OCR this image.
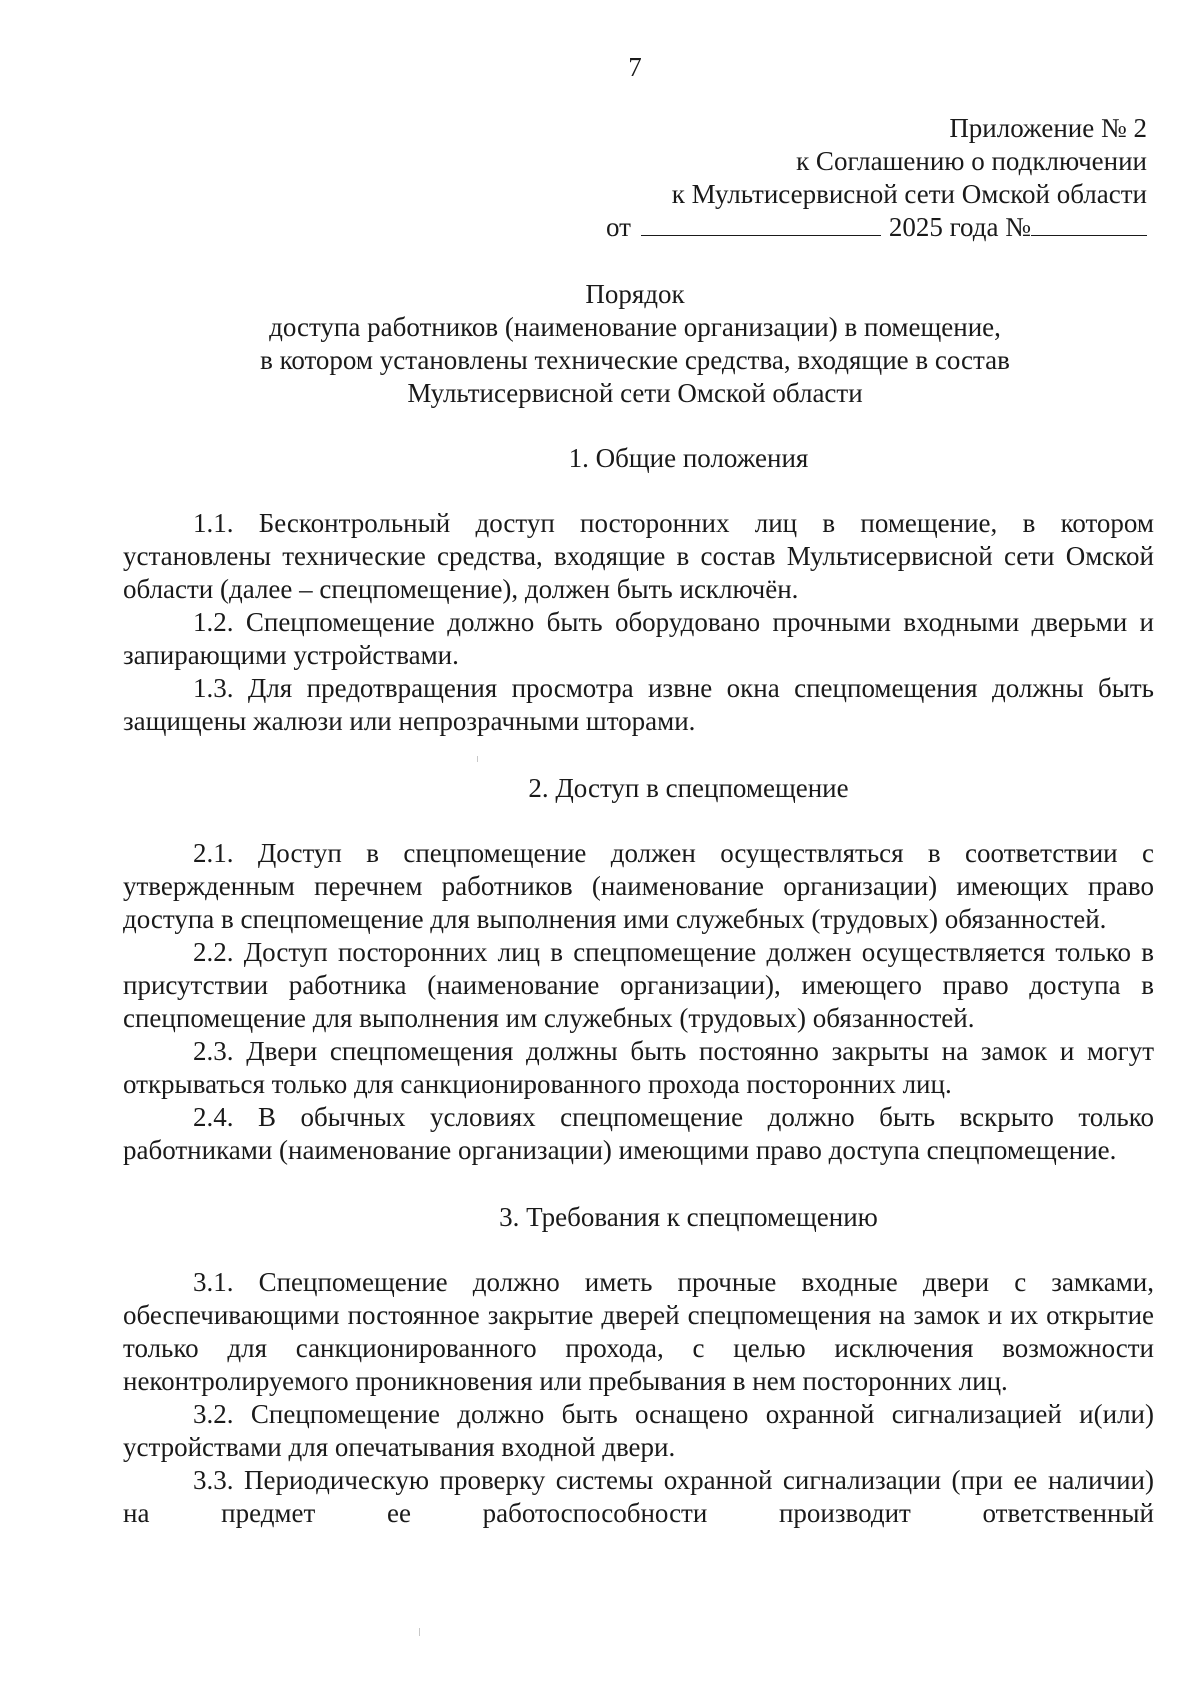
7
Приложение № 2
к Соглашению о подключении
к Мультисервисной сети Омской области
от	2025 года №
Порядок
доступа работников (наименование организации) в помещение,
в котором установлены технические средства, входящие в состав
Мультисервисной сети Омской области
1. Общие положения

1.1. Бесконтрольный доступ посторонних лиц в помещение, в котором установлены технические средства, входящие в состав Мультисервисной сети Омской области (далее – спецпомещение), должен быть исключён.

1.2. Спецпомещение должно быть оборудовано прочными входными дверьми и запирающими устройствами.

1.3. Для предотвращения просмотра извне окна спецпомещения должны быть защищены жалюзи или непрозрачными шторами.

2. Доступ в спецпомещение

2.1. Доступ в спецпомещение должен осуществляться в соответствии с утвержденным перечнем работников (наименование организации) имеющих право доступа в спецпомещение для выполнения ими служебных (трудовых) обязанностей.

2.2. Доступ посторонних лиц в спецпомещение должен осуществляется только в присутствии работника (наименование организации), имеющего право доступа в спецпомещение для выполнения им служебных (трудовых) обязанностей.

2.3. Двери спецпомещения должны быть постоянно закрыты на замок и могут открываться только для санкционированного прохода посторонних лиц.

2.4. В обычных условиях спецпомещение должно быть вскрыто только работниками (наименование организации) имеющими право доступа спецпомещение.

3. Требования к спецпомещению

3.1. Спецпомещение должно иметь прочные входные двери с замками, обеспечивающими постоянное закрытие дверей спецпомещения на замок и их открытие только для санкционированного прохода, с целью исключения возможности неконтролируемого проникновения или пребывания в нем посторонних лиц.

3.2. Спецпомещение должно быть оснащено охранной сигнализацией и(или) устройствами для опечатывания входной двери.

3.3. Периодическую проверку системы охранной сигнализации (при ее наличии) на предмет ее работоспособности производит ответственный
